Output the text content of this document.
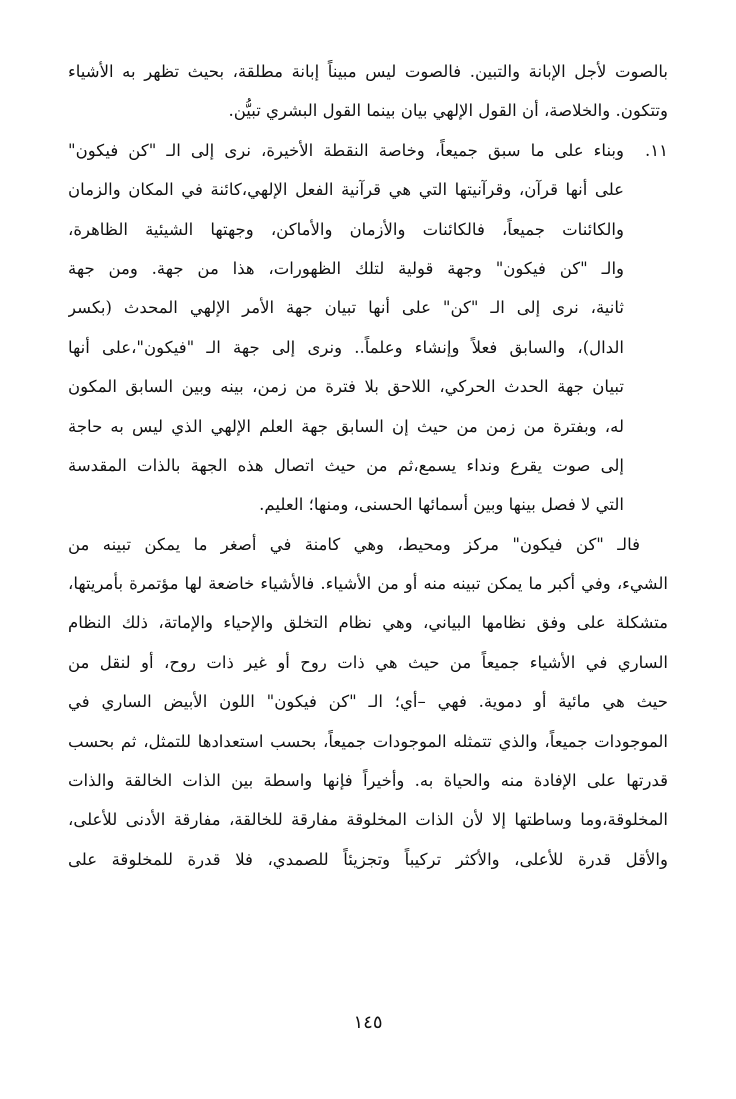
بالصوت لأجل الإبانة والتبين. فالصوت ليس مبيناً إبانة مطلقة، بحيث تظهر به الأشياء
وتتكون. والخلاصة، أن القول الإلهي بيان بينما القول البشري تبيُّن.
١١.وبناء على ما سبق جميعاً، وخاصة النقطة الأخيرة، نرى إلى الـ "كن فيكون"
على أنها قرآن، وقرآنيتها التي هي قرآنية الفعل الإلهي،كائنة في المكان والزمان
والكائنات جميعاً، فالكائنات والأزمان والأماكن، وجهتها الشيئية الظاهرة،
والـ "كن فيكون" وجهة قولية لتلك الظهورات، هذا من جهة. ومن جهة
ثانية، نرى إلى الـ "كن" على أنها تبيان جهة الأمر الإلهي المحدث (بكسر
الدال)، والسابق فعلاً وإنشاء وعلماً.. ونرى إلى جهة الـ "فيكون"،على أنها
تبيان جهة الحدث الحركي، اللاحق بلا فترة من زمن، بينه وبين السابق المكون
له، وبفترة من زمن من حيث إن السابق جهة العلم الإلهي الذي ليس به حاجة
إلى صوت يقرع ونداء يسمع،ثم من حيث اتصال هذه الجهة بالذات المقدسة
التي لا فصل بينها وبين أسمائها الحسنى، ومنها؛ العليم.
فالـ "كن فيكون" مركز ومحيط، وهي كامنة في أصغر ما يمكن تبينه من
الشيء، وفي أكبر ما يمكن تبينه منه أو من الأشياء. فالأشياء خاضعة لها مؤتمرة بأمريتها،
متشكلة على وفق نظامها البياني، وهي نظام التخلق والإحياء والإماتة، ذلك النظام
الساري في الأشياء جميعاً من حيث هي ذات روح أو غير ذات روح، أو لنقل من
حيث هي مائية أو دموية. فهي –أي؛ الـ "كن فيكون" اللون الأبيض الساري في
الموجودات جميعاً، والذي تتمثله الموجودات جميعاً، بحسب استعدادها للتمثل، ثم بحسب
قدرتها على الإفادة منه والحياة به. وأخيراً فإنها واسطة بين الذات الخالقة والذات
المخلوقة،وما وساطتها إلا لأن الذات المخلوقة مفارقة للخالقة، مفارقة الأدنى للأعلى،
والأقل قدرة للأعلى، والأكثر تركيباً وتجزيئاً للصمدي، فلا قدرة للمخلوقة على
١٤٥
